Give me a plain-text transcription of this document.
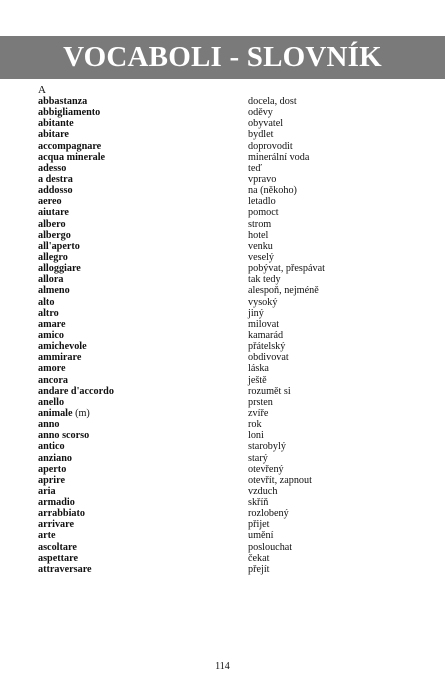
VOCABOLI - SLOVNÍK
A
abbastanza	docela, dost
abbigliamento	oděvy
abitante	obyvatel
abitare	bydlet
accompagnare	doprovodit
acqua minerale	minerální voda
adesso	teď
a destra	vpravo
addosso	na (někoho)
aereo	letadlo
aiutare	pomoct
albero	strom
albergo	hotel
all'aperto	venku
allegro	veselý
alloggiare	pobývat, přespávat
allora	tak tedy
almeno	alespoň, nejméně
alto	vysoký
altro	jiný
amare	milovat
amico	kamarád
amichevole	přátelský
ammirare	obdivovat
amore	láska
ancora	ještě
andare d'accordo	rozumět si
anello	prsten
animale (m)	zvíře
anno	rok
anno scorso	loni
antico	starobylý
anziano	starý
aperto	otevřený
aprire	otevřít, zapnout
aria	vzduch
armadio	skříň
arrabbiato	rozlobený
arrivare	přijet
arte	umění
ascoltare	poslouchat
aspettare	čekat
attraversare	přejít
114
